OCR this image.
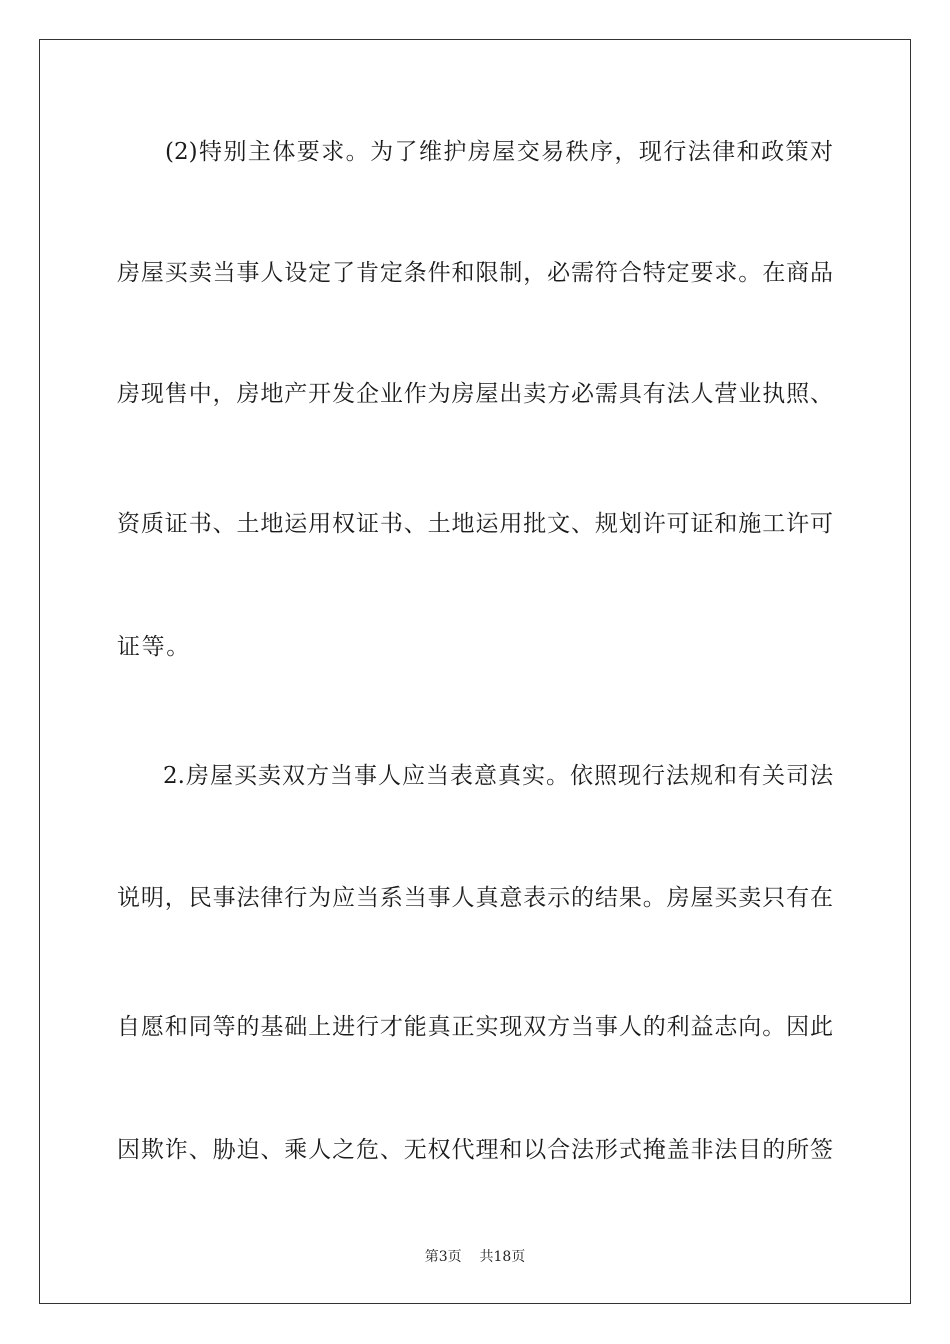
(2)特别主体要求。为了维护房屋交易秩序，现行法律和政策对
房屋买卖当事人设定了肯定条件和限制，必需符合特定要求。在商品
房现售中，房地产开发企业作为房屋出卖方必需具有法人营业执照、
资质证书、土地运用权证书、土地运用批文、规划许可证和施工许可
证等。
2.房屋买卖双方当事人应当表意真实。依照现行法规和有关司法
说明，民事法律行为应当系当事人真意表示的结果。房屋买卖只有在
自愿和同等的基础上进行才能真正实现双方当事人的利益志向。因此
因欺诈、胁迫、乘人之危、无权代理和以合法形式掩盖非法目的所签
第3页 共18页
